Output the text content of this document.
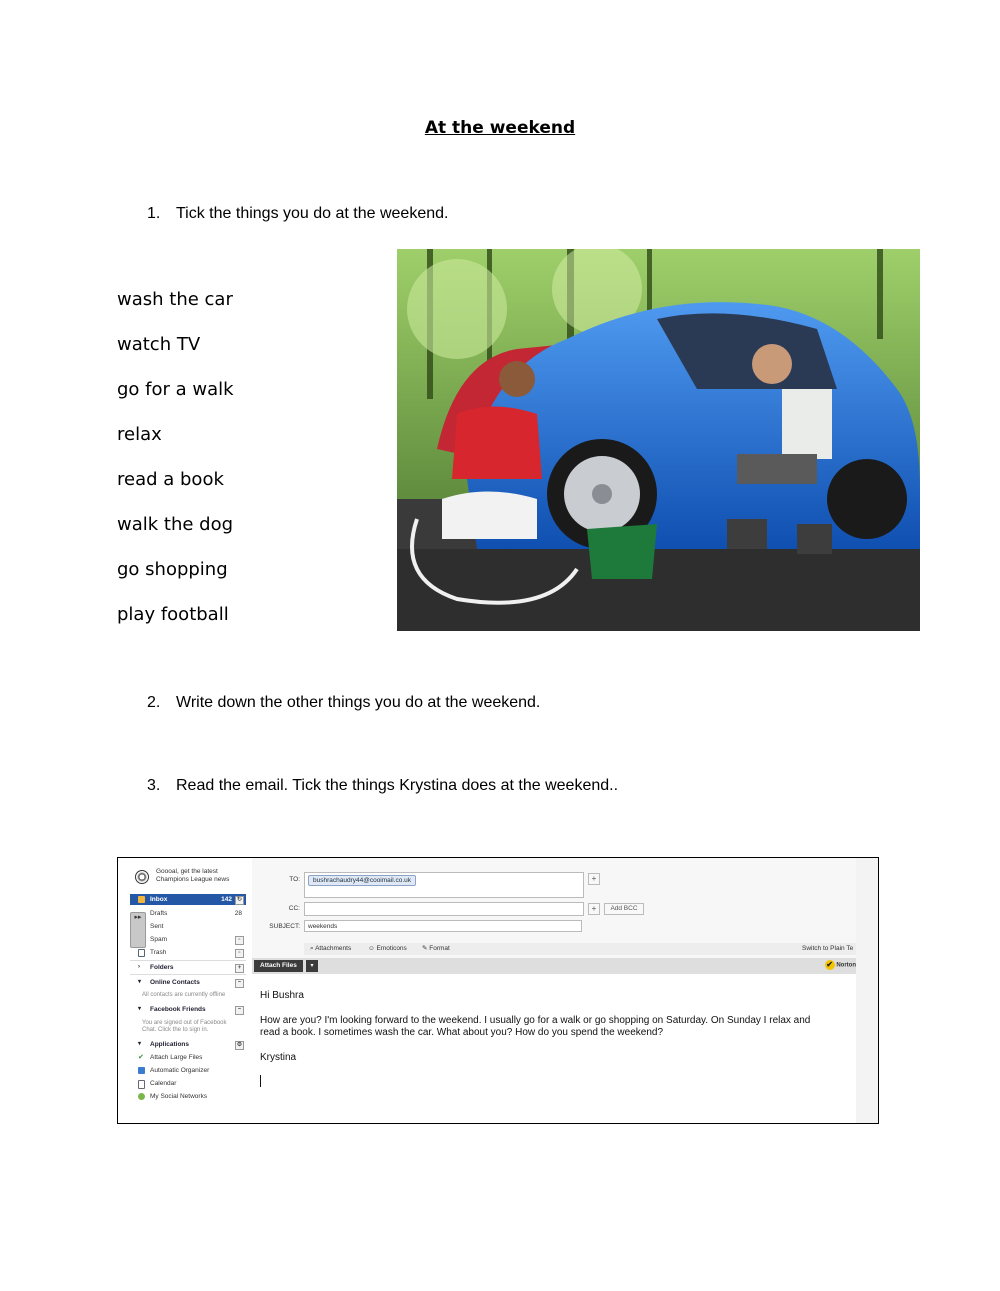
At the weekend
1. Tick the things you do at the weekend.
wash the car
watch TV
go for a walk
relax
read a book
walk the dog
go shopping
play football
2. Write down the other things you do at the weekend.
3. Read the email. Tick the things Krystina does at the weekend..
Goooal, get the latest Champions League news
▸▸
Inbox	142 ↻
Drafts	28
Sent
Spam	▫
Trash	▫
›	Folders	+
▾	Online Contacts	~
All contacts are currently offline
▾	Facebook Friends	~
You are signed out of Facebook Chat. Click the to sign in.
▾	Applications	⚙
✔ Attach Large Files
Automatic Organizer
Calendar
My Social Networks
TO:	bushrachaudry44@cooimail.co.uk	+
CC:	+	Add BCC
SUBJECT:	weekends
⌕ Attachments	☺ Emoticons ✎ Format	Switch to Plain Te
Attach Files	▾	✔ Norton

Hi Bushra

How are you? I'm looking forward to the weekend. I usually go for a walk or go shopping on Saturday. On Sunday I relax and read a book. I sometimes wash the car. What about you? How do you spend the weekend?

Krystina
